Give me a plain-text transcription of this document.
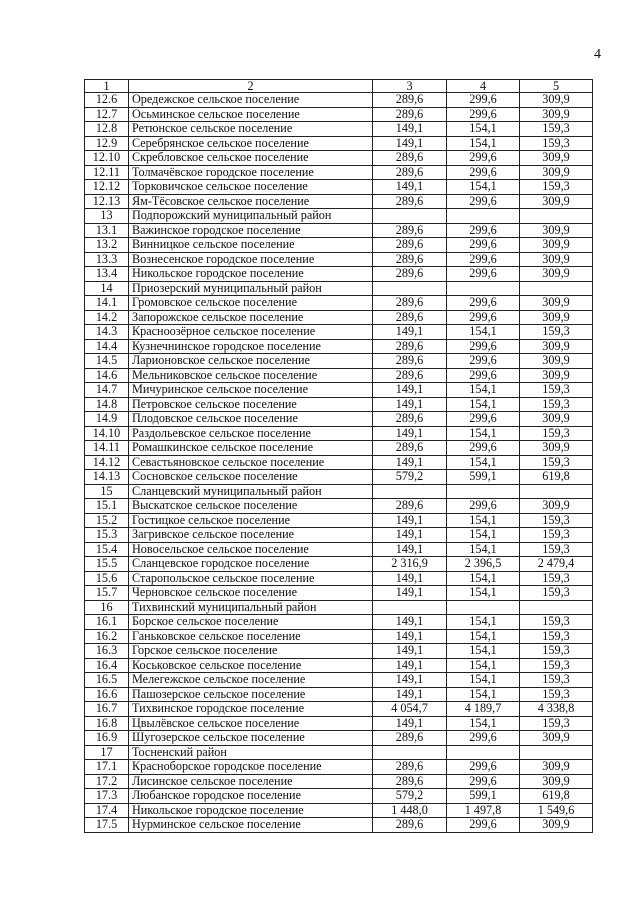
4
1	2	3	4	5
12.6	Оредежское сельское поселение	289,6	299,6	309,9
12.7	Осьминское сельское поселение	289,6	299,6	309,9
12.8	Ретюнское сельское поселение	149,1	154,1	159,3
12.9	Серебрянское сельское поселение	149,1	154,1	159,3
12.10	Скребловское сельское поселение	289,6	299,6	309,9
12.11	Толмачёвское городское поселение	289,6	299,6	309,9
12.12	Торковичское сельское поселение	149,1	154,1	159,3
12.13	Ям-Тёсовское сельское поселение	289,6	299,6	309,9
13	Подпорожский муниципальный район			
13.1	Важинское городское поселение	289,6	299,6	309,9
13.2	Винницкое сельское поселение	289,6	299,6	309,9
13.3	Вознесенское городское поселение	289,6	299,6	309,9
13.4	Никольское городское поселение	289,6	299,6	309,9
14	Приозерский муниципальный район			
14.1	Громовское сельское поселение	289,6	299,6	309,9
14.2	Запорожское сельское поселение	289,6	299,6	309,9
14.3	Красноозёрное сельское поселение	149,1	154,1	159,3
14.4	Кузнечнинское городское поселение	289,6	299,6	309,9
14.5	Ларионовское сельское поселение	289,6	299,6	309,9
14.6	Мельниковское сельское поселение	289,6	299,6	309,9
14.7	Мичуринское сельское поселение	149,1	154,1	159,3
14.8	Петровское сельское поселение	149,1	154,1	159,3
14.9	Плодовское сельское поселение	289,6	299,6	309,9
14.10	Раздольевское сельское поселение	149,1	154,1	159,3
14.11	Ромашкинское сельское поселение	289,6	299,6	309,9
14.12	Севастьяновское сельское поселение	149,1	154,1	159,3
14.13	Сосновское сельское поселение	579,2	599,1	619,8
15	Сланцевский муниципальный район			
15.1	Выскатское сельское поселение	289,6	299,6	309,9
15.2	Гостицкое сельское поселение	149,1	154,1	159,3
15.3	Загривское сельское поселение	149,1	154,1	159,3
15.4	Новосельское сельское поселение	149,1	154,1	159,3
15.5	Сланцевское городское поселение	2 316,9	2 396,5	2 479,4
15.6	Старопольское сельское поселение	149,1	154,1	159,3
15.7	Черновское сельское поселение	149,1	154,1	159,3
16	Тихвинский муниципальный район			
16.1	Борское сельское поселение	149,1	154,1	159,3
16.2	Ганьковское сельское поселение	149,1	154,1	159,3
16.3	Горское сельское поселение	149,1	154,1	159,3
16.4	Коськовское сельское поселение	149,1	154,1	159,3
16.5	Мелегежское сельское поселение	149,1	154,1	159,3
16.6	Пашозерское сельское поселение	149,1	154,1	159,3
16.7	Тихвинское городское поселение	4 054,7	4 189,7	4 338,8
16.8	Цвылёвское сельское поселение	149,1	154,1	159,3
16.9	Шугозерское сельское поселение	289,6	299,6	309,9
17	Тосненский район			
17.1	Красноборское городское поселение	289,6	299,6	309,9
17.2	Лисинское сельское поселение	289,6	299,6	309,9
17.3	Любанское городское поселение	579,2	599,1	619,8
17.4	Никольское городское поселение	1 448,0	1 497,8	1 549,6
17.5	Нурминское сельское поселение	289,6	299,6	309,9
